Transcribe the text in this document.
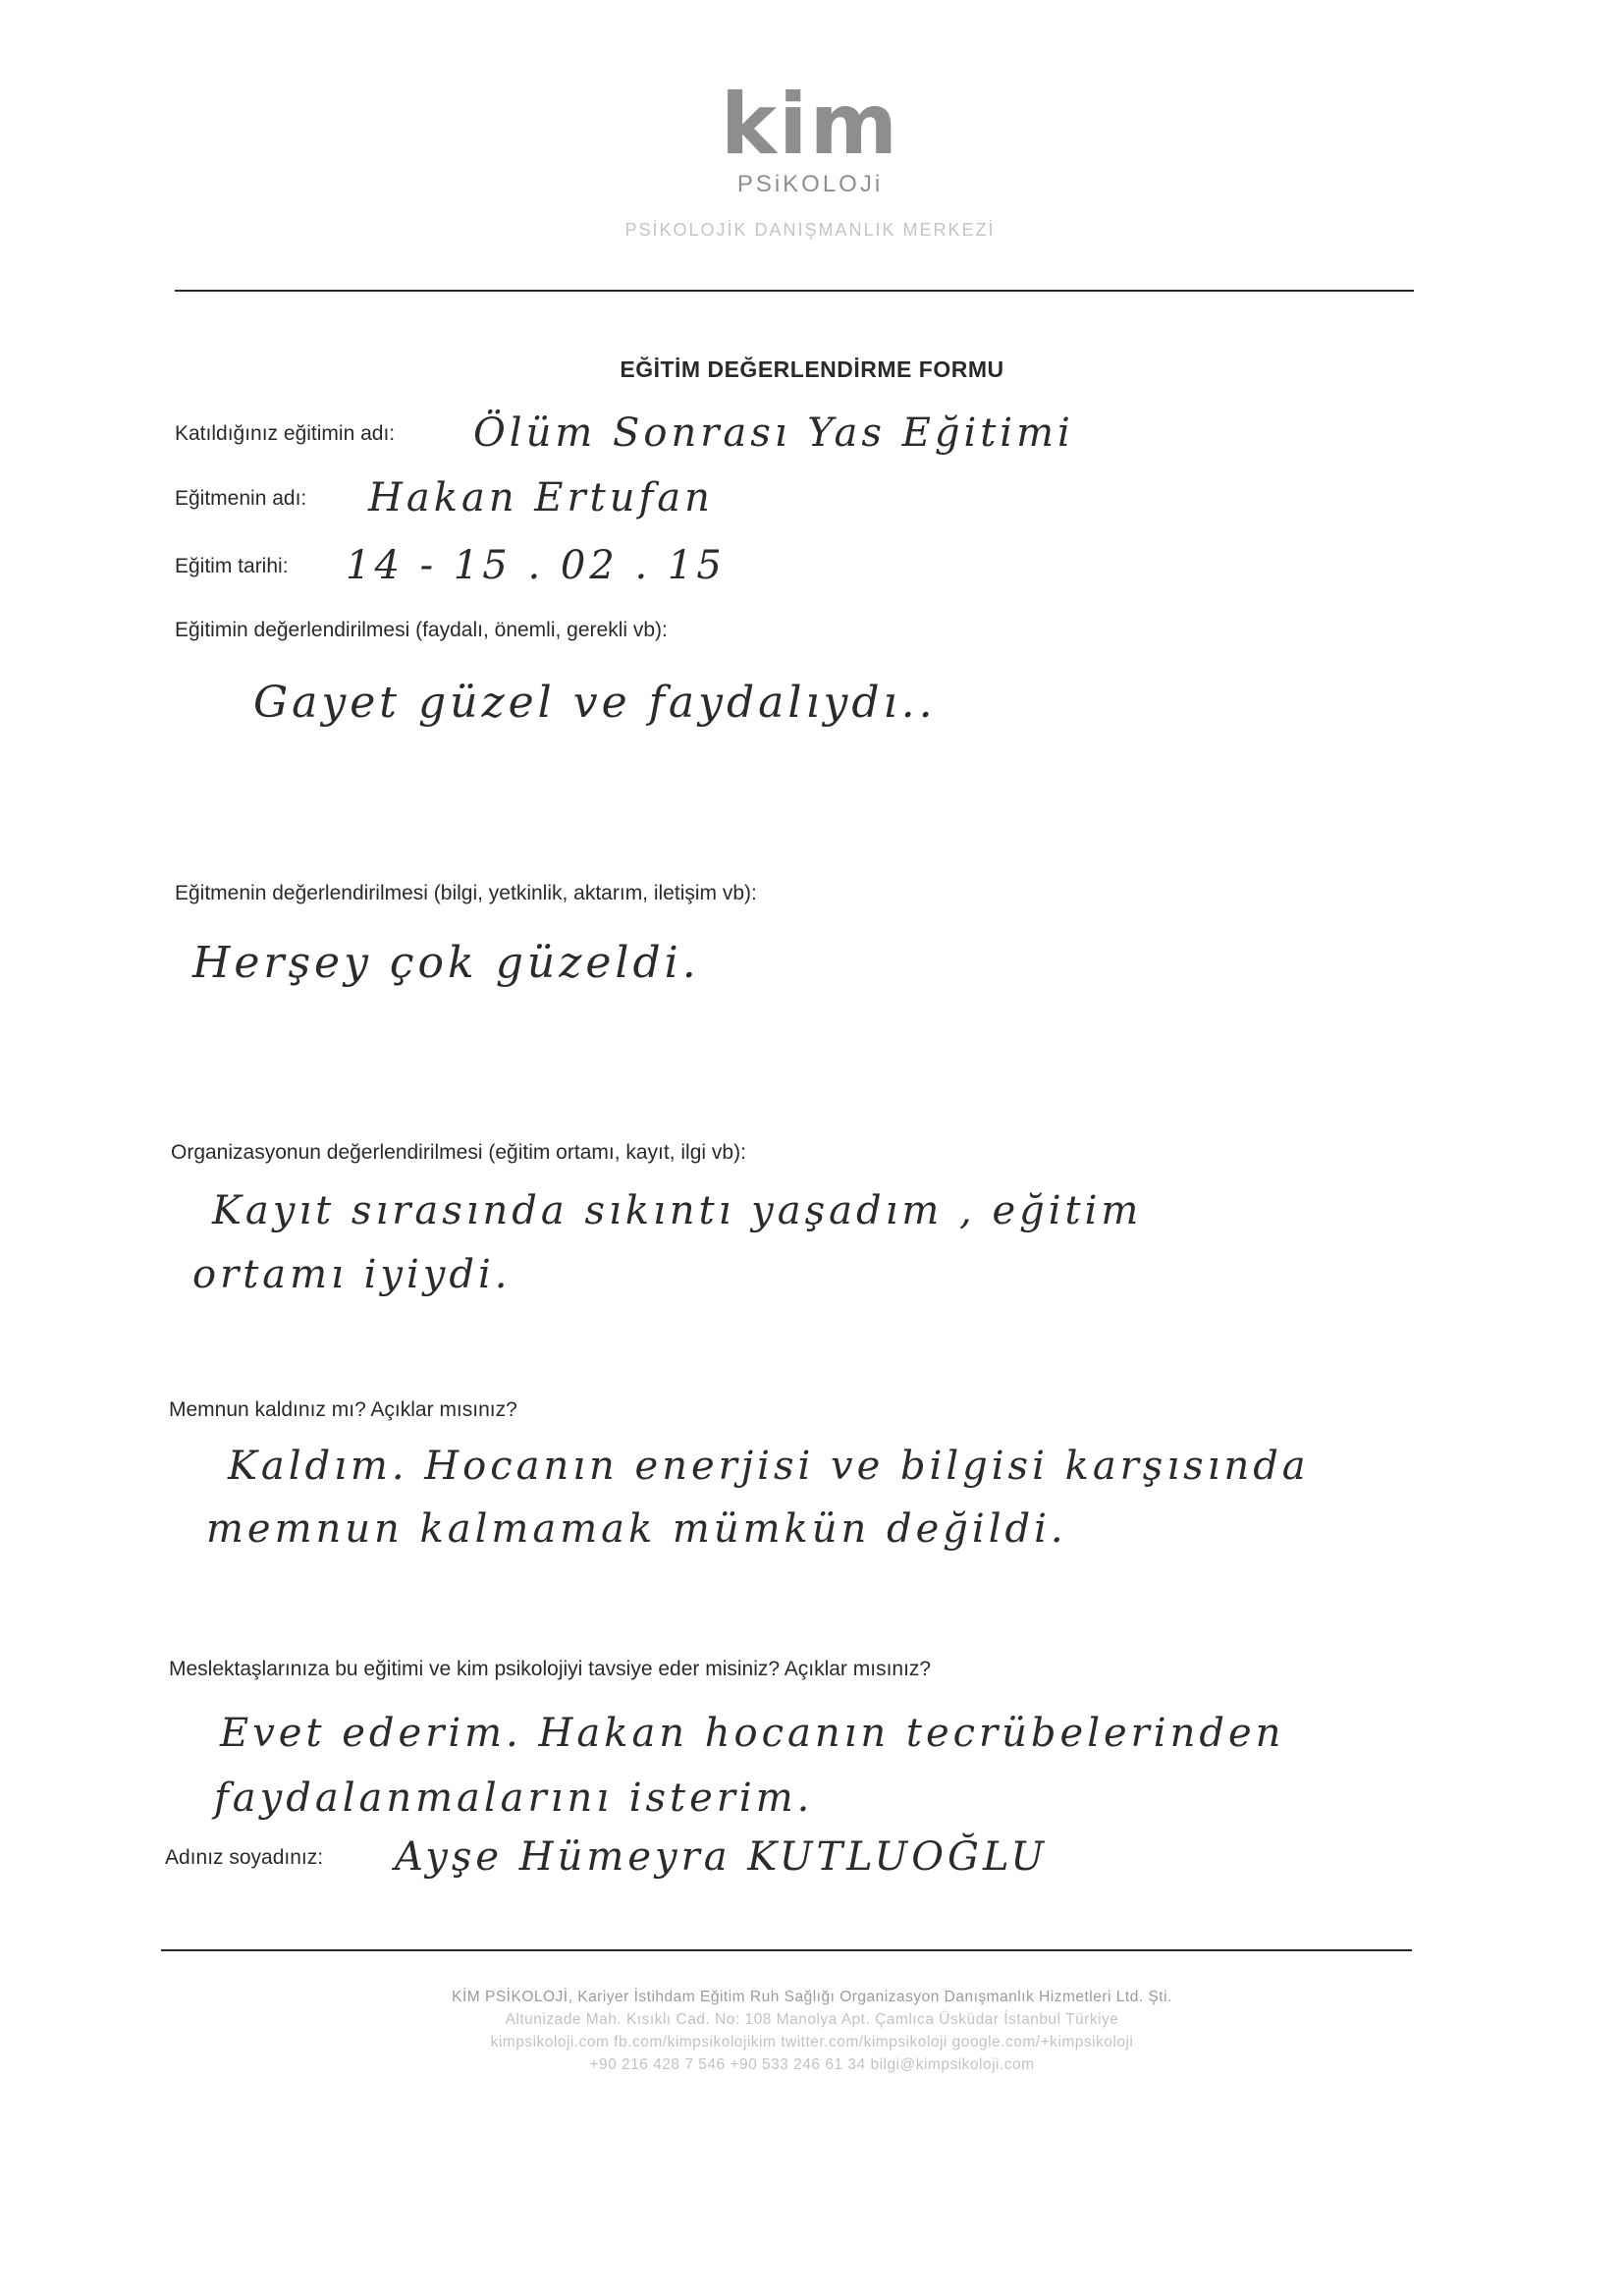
kim
PSiKOLOJi
PSİKOLOJİK DANIŞMANLIK MERKEZİ
EĞİTİM DEĞERLENDİRME FORMU
Katıldığınız eğitimin adı: Ölüm Sonrası Yas Eğitimi
Eğitmenin adı: Hakan Ertufan
Eğitim tarihi: 14 - 15 . 02 . 15
Eğitimin değerlendirilmesi (faydalı, önemli, gerekli vb):
Gayet güzel ve faydalıydı..
Eğitmenin değerlendirilmesi (bilgi, yetkinlik, aktarım, iletişim vb):
Herşey çok güzeldi.
Organizasyonun değerlendirilmesi (eğitim ortamı, kayıt, ilgi vb):
Kayıt sırasında sıkıntı yaşadım , eğitim
ortamı iyiydi.
Memnun kaldınız mı? Açıklar mısınız?
Kaldım. Hocanın enerjisi ve bilgisi karşısında
memnun kalmamak mümkün değildi.
Meslektaşlarınıza bu eğitimi ve kim psikolojiyi tavsiye eder misiniz? Açıklar mısınız?
Evet ederim. Hakan hocanın tecrübelerinden
faydalanmalarını isterim.
Adınız soyadınız: Ayşe Hümeyra KUTLUOĞLU
KİM PSİKOLOJİ, Kariyer İstihdam Eğitim Ruh Sağlığı Organizasyon Danışmanlık Hizmetleri Ltd. Şti.
Altunizade Mah. Kısıklı Cad. No: 108 Manolya Apt. Çamlıca Üsküdar İstanbul Türkiye
kimpsikoloji.com fb.com/kimpsikolojikim twitter.com/kimpsikoloji google.com/+kimpsikoloji
+90 216 428 7 546 +90 533 246 61 34 bilgi@kimpsikoloji.com
